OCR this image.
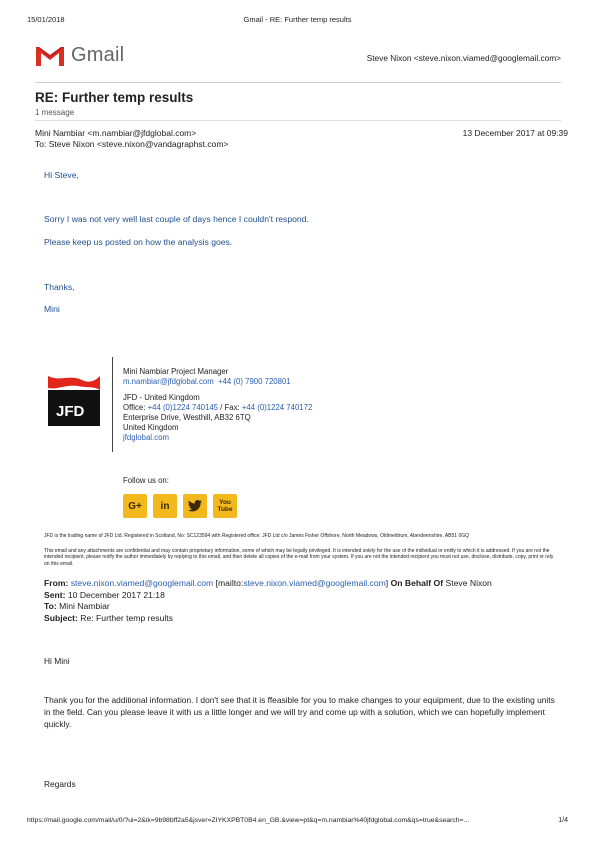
15/01/2018	Gmail - RE: Further temp results
Gmail	Steve Nixon <steve.nixon.viamed@googlemail.com>
RE: Further temp results
1 message
Mini Nambiar <m.nambiar@jfdglobal.com>
To: Steve Nixon <steve.nixon@vandagraphst.com>
13 December 2017 at 09:39
Hi Steve,
Sorry I was not very well last couple of days hence I couldn't respond.
Please keep us posted on how the analysis goes.
Thanks,
Mini
JFD
Mini Nambiar Project Manager
m.nambiar@jfdglobal.com +44 (0) 7900 720801
JFD - United Kingdom
Office: +44 (0)1224 740145 / Fax: +44 (0)1224 740172
Enterprise Drive, Westhill, AB32 6TQ
United Kingdom
jfdglobal.com
Follow us on:
G+	in	You Tube
JFD is the trading name of JFD Ltd. Registered in Scotland, No: SC123594 with Registered office: JFD Ltd c/o James Fisher Offshore, North Meadows, Oldmeldrum, Aberdeenshire, AB51 0GQ
This email and any attachments are confidential and may contain proprietary information, some of which may be legally privileged. It is intended solely for the use of the individual or entity to which it is addressed. If you are not the intended recipient, please notify the author immediately by replying to this email, and then delete all copies of the e-mail from your system. If you are not the intended recipient you must not use, disclose, distribute, copy, print or rely on this email.
From: steve.nixon.viamed@googlemail.com [mailto:steve.nixon.viamed@googlemail.com] On Behalf Of Steve Nixon
Sent: 10 December 2017 21:18
To: Mini Nambiar
Subject: Re: Further temp results
Hi Mini
Thank you for the additional information. I don't see that it is ffeasible for you to make changes to your equipment, due to the existing units in the field. Can you please leave it with us a little longer and we will try and come up with a solution, which we can hopefully implement quickly.
Regards
https://mail.google.com/mail/u/0/?ui=2&ik=9b98bff2a5&jsver=ZIYKXPBT0B4.en_GB.&view=pt&q=m.nambiar%40jfdglobal.com&qs=true&search=...	1/4
